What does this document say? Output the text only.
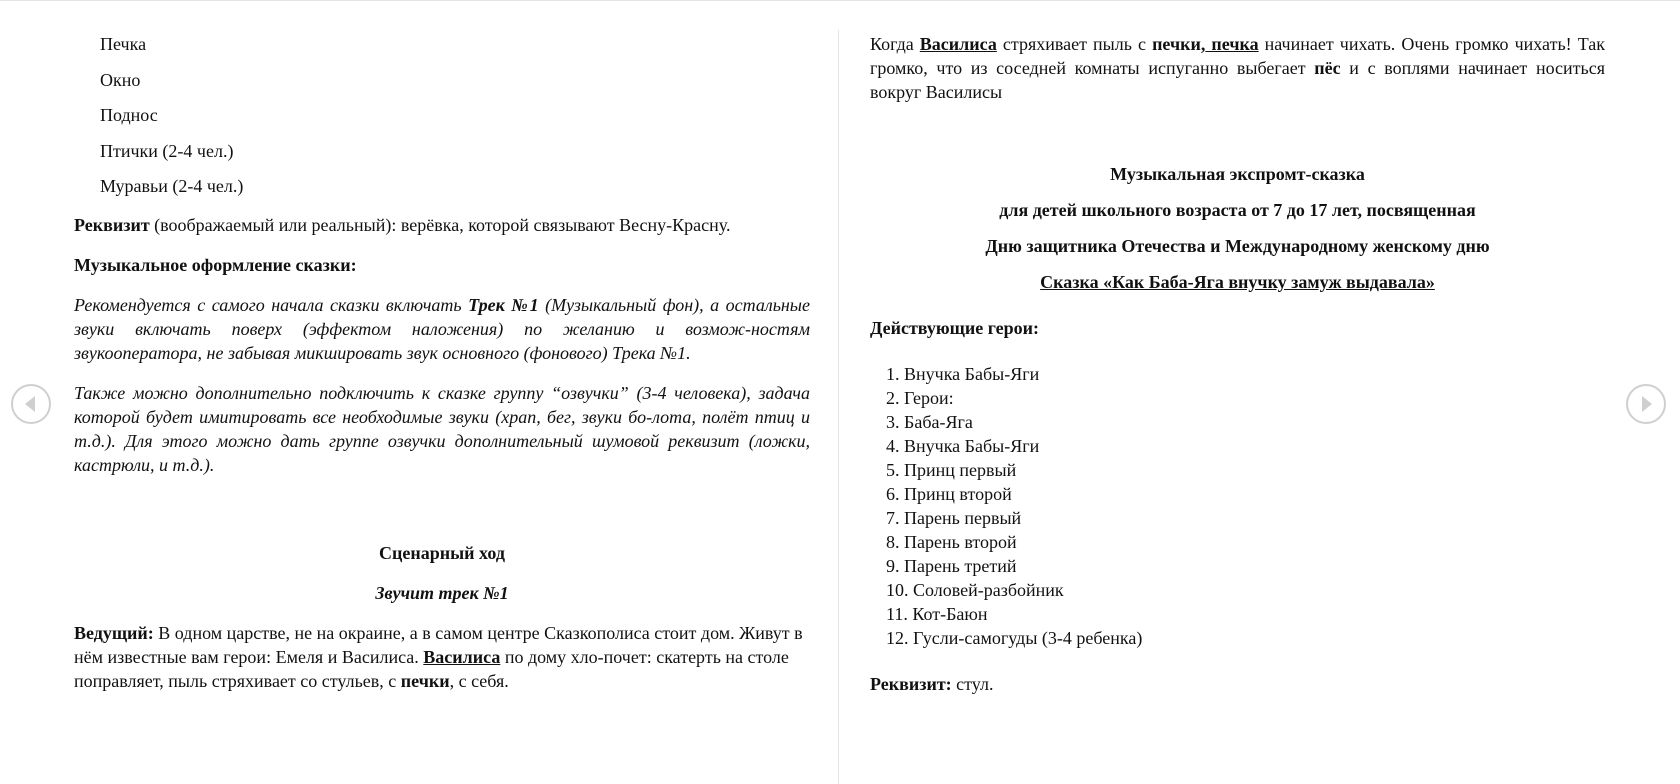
Печка

Окно

Поднос

Птички (2-4 чел.)

Муравьи (2-4 чел.)

Реквизит (воображаемый или реальный): верёвка, которой связывают Весну-Красну.

Музыкальное оформление сказки:

Рекомендуется с самого начала сказки включать Трек №1 (Музыкальный фон), а остальные звуки включать поверх (эффектом наложения) по желанию и возмож-ностям звукооператора, не забывая микшировать звук основного (фонового) Трека №1.

Также можно дополнительно подключить к сказке группу “озвучки” (3-4 человека), задача которой будет имитировать все необходимые звуки (храп, бег, звуки бо-лота, полёт птиц и т.д.). Для этого можно дать группе озвучки дополнительный шумовой реквизит (ложки, кастрюли, и т.д.).

Сценарный ход

Звучит трек №1

Ведущий: В одном царстве, не на окраине, а в самом центре Сказкополиса стоит дом. Живут в нём известные вам герои: Емеля и Василиса. Василиса по дому хло-почет: скатерть на столе поправляет, пыль стряхивает со стульев, с печки, с себя.

Когда Василиса стряхивает пыль с печки, печка начинает чихать. Очень громко чихать! Так громко, что из соседней комнаты испуганно выбегает пёс и с воплями начинает носиться вокруг Василисы

Музыкальная экспромт-сказка

для детей школьного возраста от 7 до 17 лет, посвященная

Дню защитника Отечества и Международному женскому дню

Сказка «Как Баба-Яга внучку замуж выдавала»

Действующие герои:

1. Внучка Бабы-Яги
2. Герои:
3. Баба-Яга
4. Внучка Бабы-Яги
5. Принц первый
6. Принц второй
7. Парень первый
8. Парень второй
9. Парень третий
10. Соловей-разбойник
11. Кот-Баюн
12. Гусли-самогуды (3-4 ребенка)

Реквизит: стул.
